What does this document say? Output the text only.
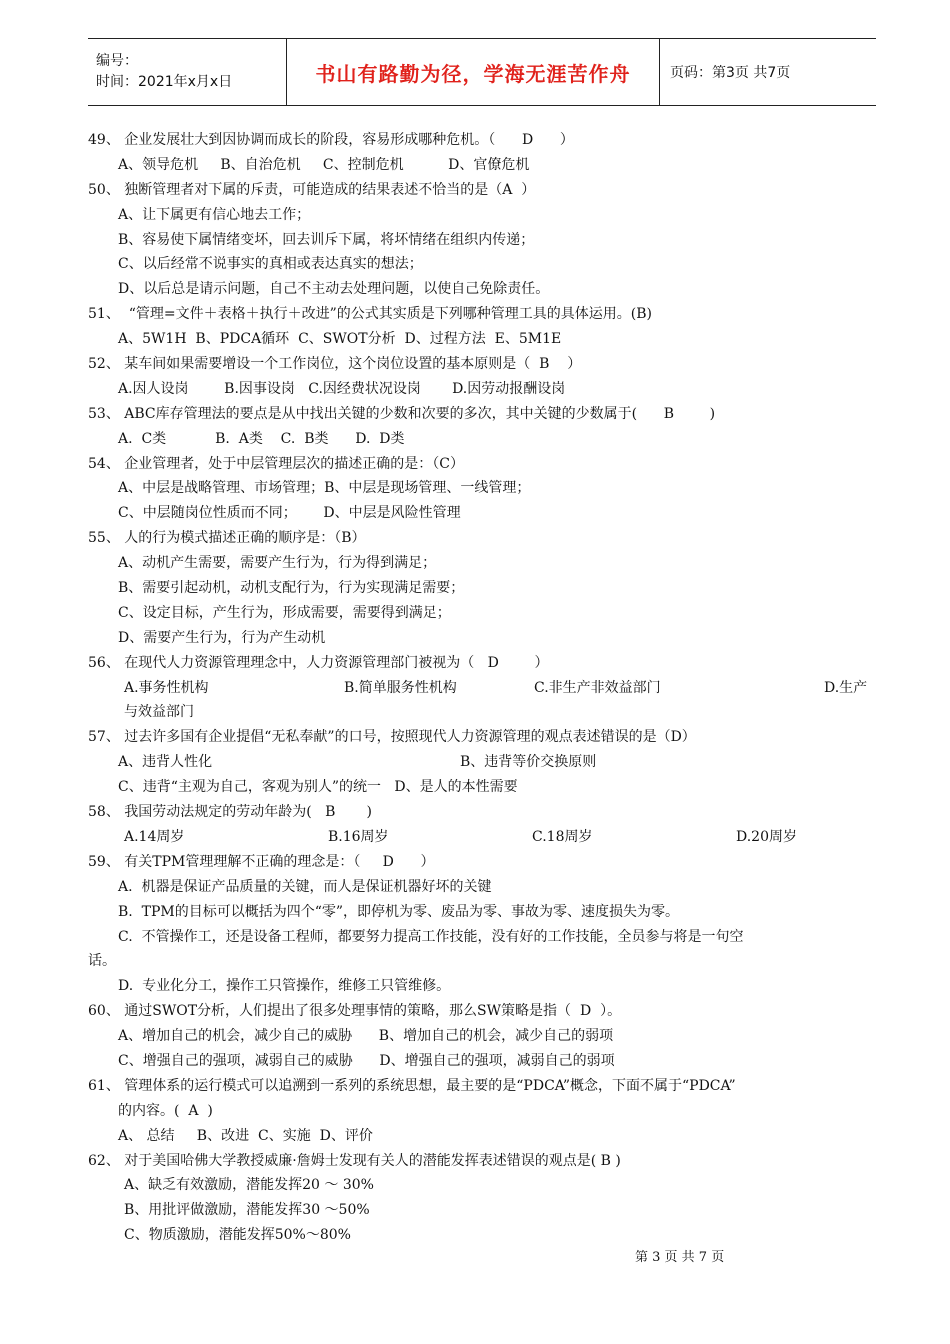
编号：
时间：2021年x月x日	书山有路勤为径，学海无涯苦作舟	页码：第3页 共7页
49、 企业发展壮大到因协调而成长的阶段，容易形成哪种危机。（      D      ）
A、领导危机     B、自治危机     C、控制危机          D、官僚危机
50、 独断管理者对下属的斥责，可能造成的结果表述不恰当的是（A  ）
A、让下属更有信心地去工作；
B、容易使下属情绪变坏，回去训斥下属，将坏情绪在组织内传递；
C、以后经常不说事实的真相或表达真实的想法；
D、以后总是请示问题，自己不主动去处理问题，以使自己免除责任。
51、  “管理=文件＋表格＋执行＋改进”的公式其实质是下列哪种管理工具的具体运用。(B)
A、5W1H  B、PDCA循环  C、SWOT分析  D、过程方法  E、5M1E
52、 某车间如果需要增设一个工作岗位，这个岗位设置的基本原则是（  B    ）
A.因人设岗        B.因事设岗   C.因经费状况设岗       D.因劳动报酬设岗
53、 ABC库存管理法的要点是从中找出关键的少数和次要的多次，其中关键的少数属于(      B        )
A.  C类           B.  A类    C.  B类      D.  D类
54、 企业管理者，处于中层管理层次的描述正确的是：（C）
A、中层是战略管理、市场管理；B、中层是现场管理、一线管理；
C、中层随岗位性质而不同；      D、中层是风险性管理
55、 人的行为模式描述正确的顺序是：（B）
A、动机产生需要，需要产生行为，行为得到满足；
B、需要引起动机，动机支配行为，行为实现满足需要；
C、设定目标，产生行为，形成需要，需要得到满足；
D、需要产生行为，行为产生动机
56、 在现代人力资源管理理念中，人力资源管理部门被视为（   D        ）
A.事务性机构	B.简单服务性机构	C.非生产非效益部门	D.生产
与效益部门
57、 过去许多国有企业提倡“无私奉献”的口号，按照现代人力资源管理的观点表述错误的是（D）
A、违背人性化	B、违背等价交换原则
C、违背“主观为自己，客观为别人”的统一   D、是人的本性需要
58、 我国劳动法规定的劳动年龄为(   B       )
A.14周岁	B.16周岁	C.18周岁	D.20周岁
59、 有关TPM管理理解不正确的理念是：（     D      ）
A.  机器是保证产品质量的关键，而人是保证机器好坏的关键
B.  TPM的目标可以概括为四个“零”，即停机为零、废品为零、事故为零、速度损失为零。
C.  不管操作工，还是设备工程师，都要努力提高工作技能，没有好的工作技能，全员参与将是一句空
话。
D.  专业化分工，操作工只管操作，维修工只管维修。
60、 通过SWOT分析，人们提出了很多处理事情的策略，那么SW策略是指（  D  ）。
A、增加自己的机会，减少自己的威胁      B、增加自己的机会，减少自己的弱项
C、增强自己的强项，减弱自己的威胁      D、增强自己的强项，减弱自己的弱项
61、 管理体系的运行模式可以追溯到一系列的系统思想，最主要的是“PDCA”概念，下面不属于“PDCA”
的内容。(  A  )
A、 总结     B、改进  C、实施  D、评价
62、 对于美国哈佛大学教授威廉·詹姆士发现有关人的潜能发挥表述错误的观点是( B )
A、缺乏有效激励，潜能发挥20 ～ 30%
B、用批评做激励，潜能发挥30 ～50%
C、物质激励，潜能发挥50%～80%
第 3 页 共 7 页
